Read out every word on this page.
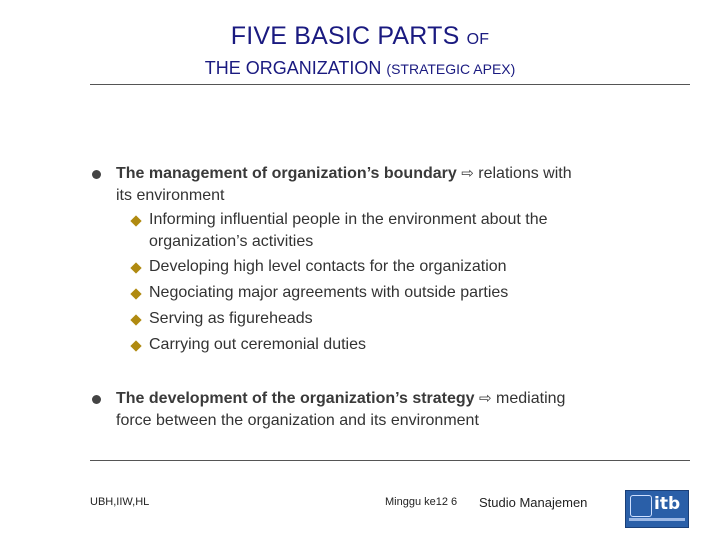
FIVE BASIC PARTS OF
THE ORGANIZATION (STRATEGIC APEX)
The management of organization’s boundary ⇨ relations with
its environment
Informing influential people in the environment about the
organization’s activities
Developing high level contacts for the organization
Negociating major agreements with outside parties
Serving as figureheads
Carrying out ceremonial duties
The development of the organization’s strategy ⇨ mediating
force between the organization and its environment
UBH,IIW,HL	Minggu ke12 6 Studio Manajemen	itb
